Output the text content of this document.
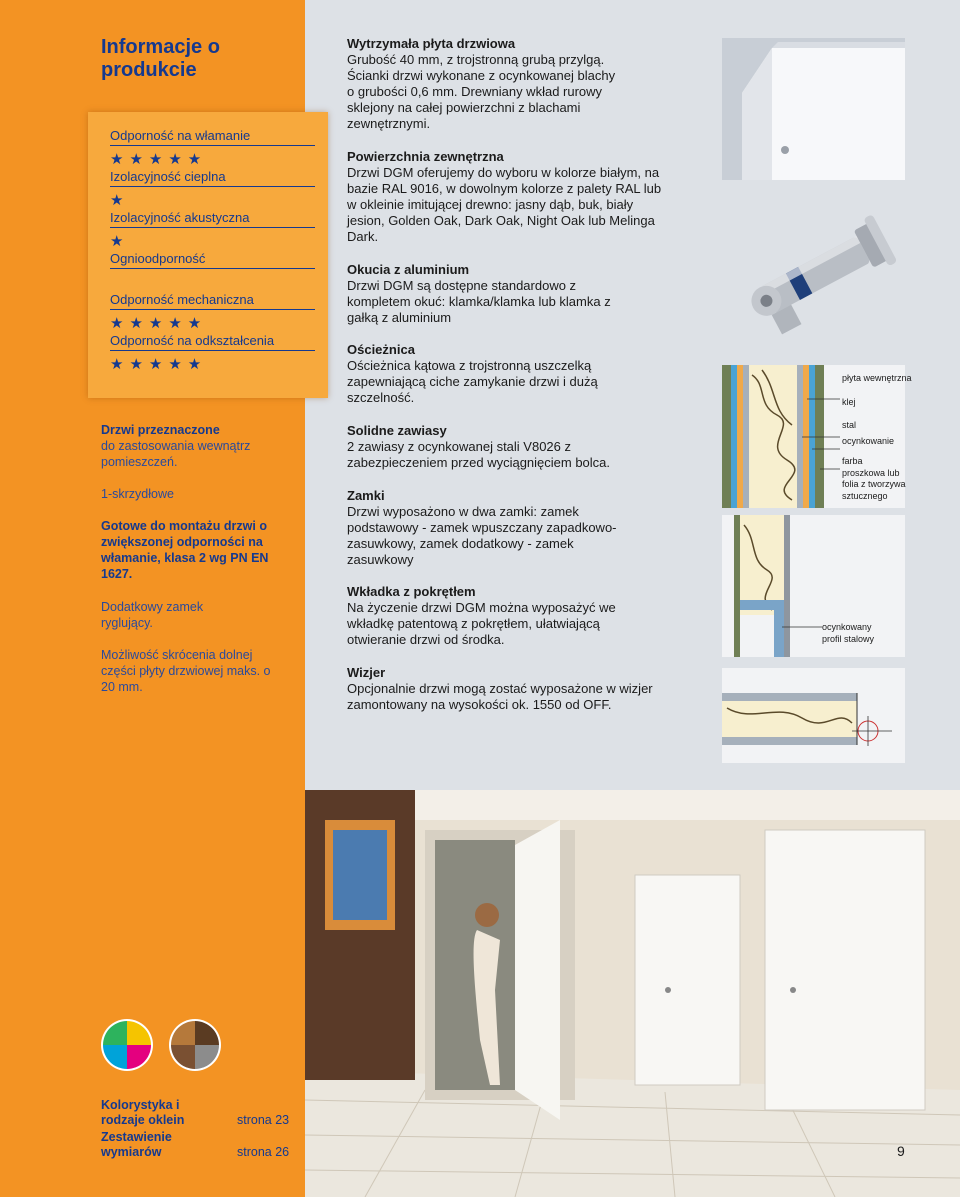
Informacje o produkcie
Odporność na włamanie
★★★★★
Izolacyjność cieplna
★
Izolacyjność akustyczna
★
Ognioodporność
Odporność mechaniczna
★★★★★
Odporność na odkształcenia
★★★★★
Drzwi przeznaczone
do zastosowania wewnątrz pomieszczeń.
1-skrzydłowe
Gotowe do montażu drzwi o zwiększonej odporności na włamanie, klasa 2 wg PN EN 1627.
Dodatkowy zamek ryglujący.
Możliwość skrócenia dolnej części płyty drzwiowej maks. o 20 mm.
Wytrzymała płyta drzwiowa
Grubość 40 mm, z trojstronną grubą przylgą. Ścianki drzwi wykonane z ocynkowanej blachy o grubości 0,6 mm. Drewniany wkład rurowy sklejony na całej powierzchni z blachami zewnętrznymi.
Powierzchnia zewnętrzna
Drzwi DGM oferujemy do wyboru w kolorze białym, na bazie RAL 9016, w dowolnym kolorze z palety RAL lub w okleinie imitującej drewno: jasny dąb, buk, biały jesion, Golden Oak, Dark Oak, Night Oak lub Melinga Dark.
Okucia z aluminium
Drzwi DGM są dostępne standardowo z kompletem okuć: klamka/klamka lub klamka z gałką z aluminium
Ościeżnica
Ościeżnica kątowa z trojstronną uszczelką zapewniającą ciche zamykanie drzwi i dużą szczelność.
Solidne zawiasy
2 zawiasy z ocynkowanej stali V8026 z zabezpieczeniem przed wyciągnięciem bolca.
Zamki
Drzwi wyposażono w dwa zamki: zamek podstawowy - zamek wpuszczany zapadkowo-zasuwkowy, zamek dodatkowy - zamek zasuwkowy
Wkładka z pokrętłem
Na życzenie drzwi DGM można wyposażyć we wkładkę patentową z pokrętłem, ułatwiającą otwieranie drzwi od środka.
Wizjer
Opcjonalnie drzwi mogą zostać wyposażone w wizjer zamontowany na wysokości ok. 1550 od OFF.
płyta wewnętrzna
klej
stal
ocynkowanie
farba proszkowa lub folia z tworzywa sztucznego
ocynkowany profil stalowy
Kolorystyka i rodzaje oklein	strona 23
Zestawienie wymiarów	strona 26	9
